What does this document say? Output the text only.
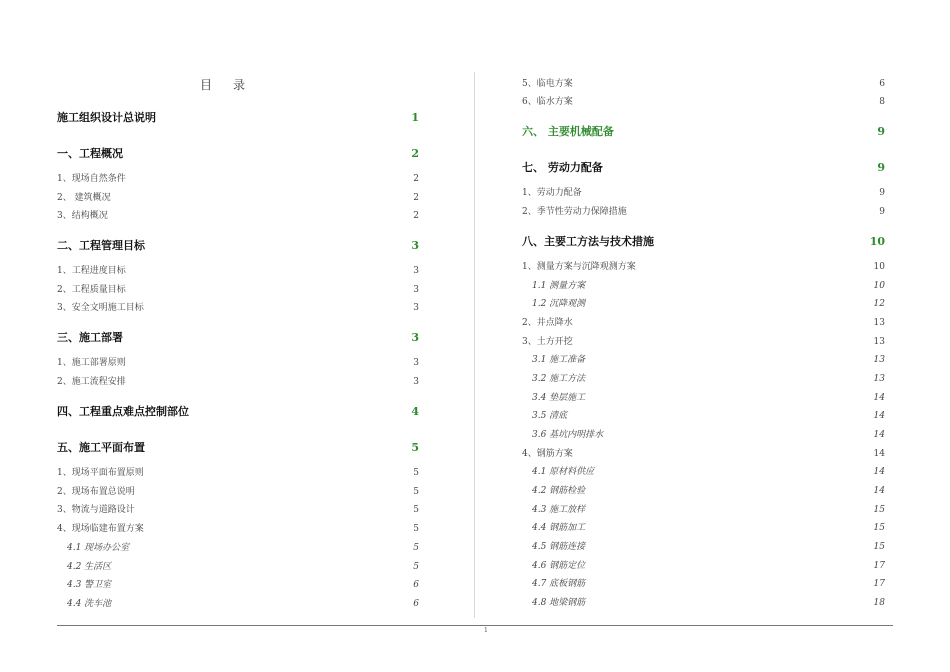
目 录
施工组织设计总说明	1
一、工程概况	2
1、现场自然条件	2
2、 建筑概况	2
3、结构概况	2
二、工程管理目标	3
1、工程进度目标	3
2、工程质量目标	3
3、安全文明施工目标	3
三、施工部署	3
1、施工部署原则	3
2、施工流程安排	3
四、工程重点难点控制部位	4
五、施工平面布置	5
1、现场平面布置原则	5
2、现场布置总说明	5
3、物流与道路设计	5
4、现场临建布置方案	5
4.1 现场办公室	5
4.2 生活区	5
4.3 警卫室	6
4.4 洗车池	6
5、临电方案	6
6、临水方案	8
六、 主要机械配备	9
七、 劳动力配备	9
1、劳动力配备	9
2、季节性劳动力保障措施	9
八、主要工方法与技术措施	10
1、测量方案与沉降观测方案	10
1.1 测量方案	10
1.2 沉降观测	12
2、井点降水	13
3、土方开挖	13
3.1 施工准备	13
3.2 施工方法	13
3.4 垫层施工	14
3.5 清底	14
3.6 基坑内明排水	14
4、钢筋方案	14
4.1 原材料供应	14
4.2 钢筋检验	14
4.3 施工放样	15
4.4 钢筋加工	15
4.5 钢筋连接	15
4.6 钢筋定位	17
4.7 底板钢筋	17
4.8 地梁钢筋	18
1
